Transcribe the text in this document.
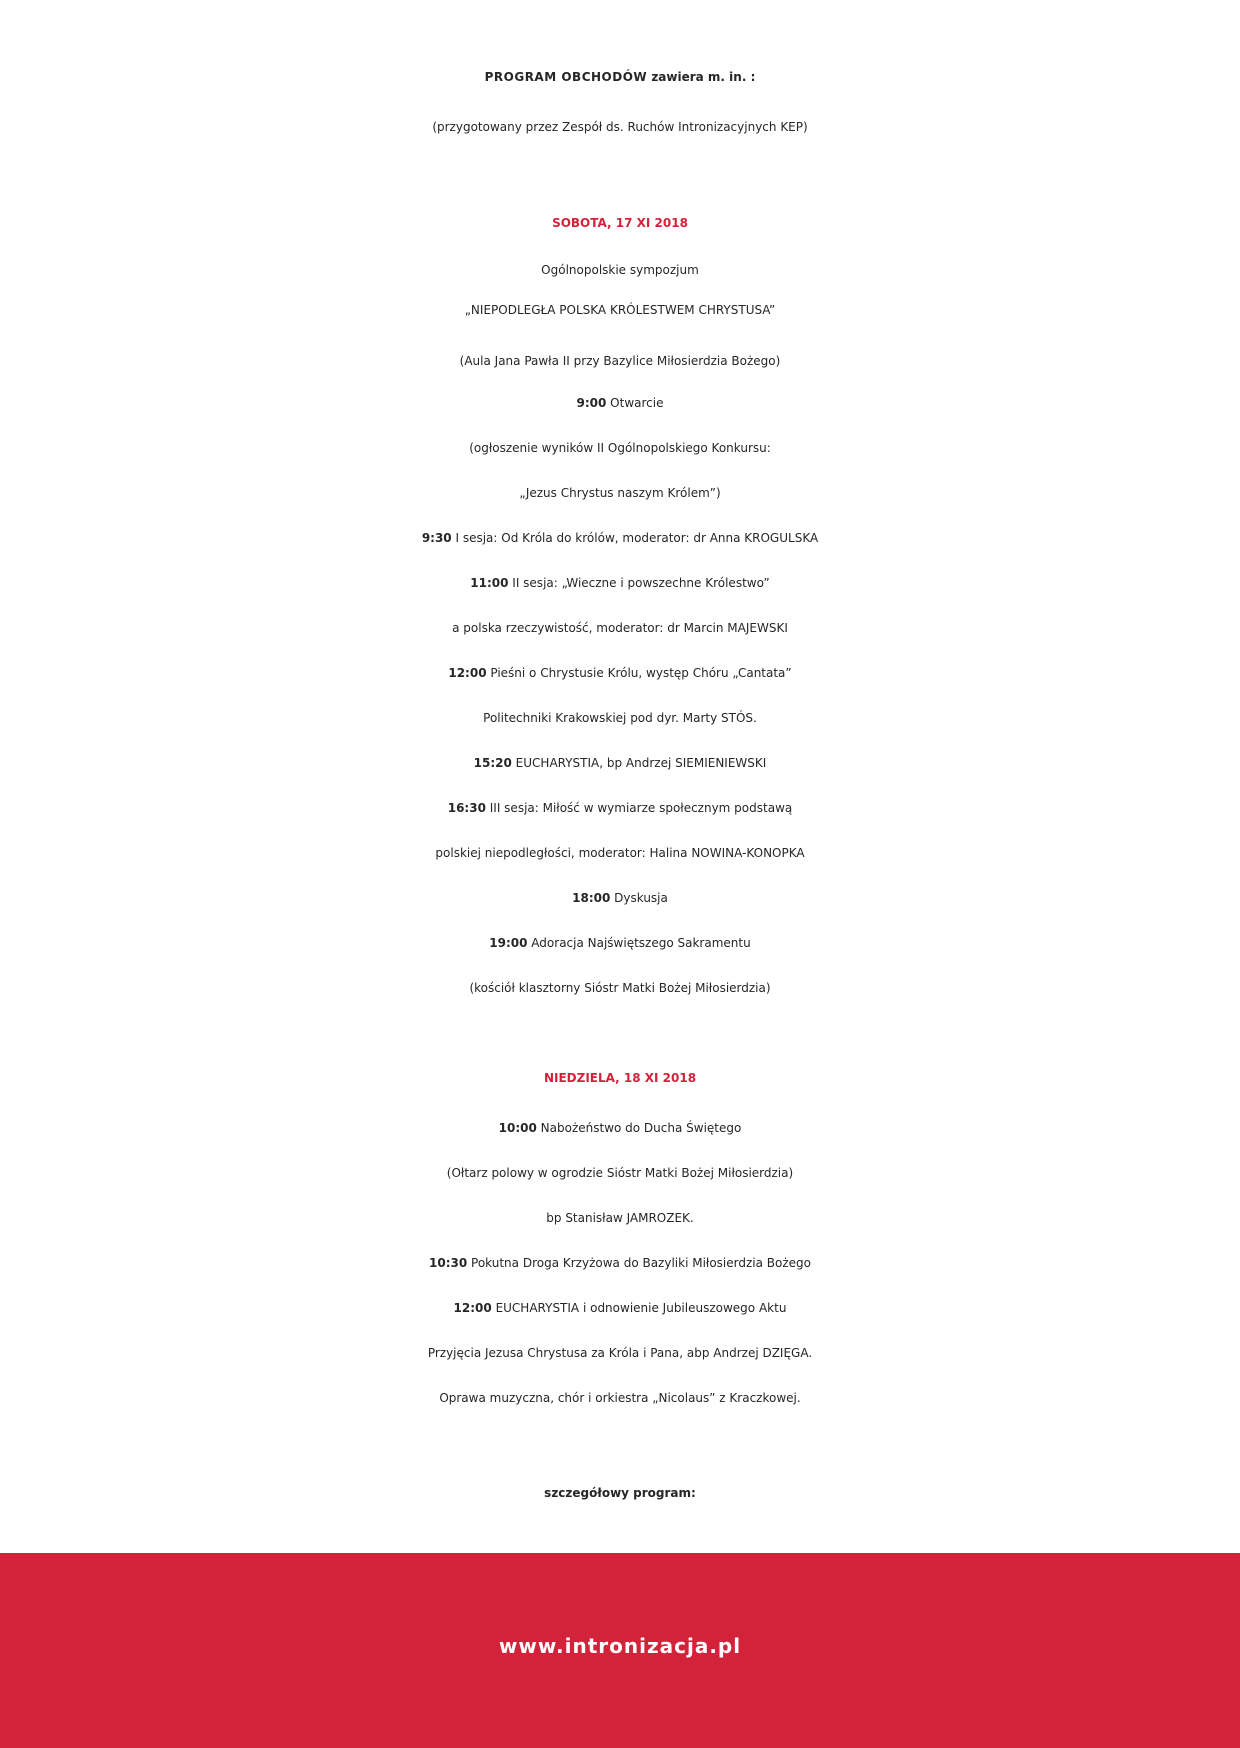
PROGRAM OBCHODÓW zawiera m. in. :
(przygotowany przez Zespół ds. Ruchów Intronizacyjnych KEP)
SOBOTA, 17 XI 2018
Ogólnopolskie sympozjum
„NIEPODLEGŁA POLSKA KRÓLESTWEM CHRYSTUSA”
(Aula Jana Pawła II przy Bazylice Miłosierdzia Bożego)
9:00 Otwarcie
(ogłoszenie wyników II Ogólnopolskiego Konkursu:
„Jezus Chrystus naszym Królem”)
9:30 I sesja: Od Króla do królów, moderator: dr Anna KROGULSKA
11:00 II sesja: „Wieczne i powszechne Królestwo”
a polska rzeczywistość, moderator: dr Marcin MAJEWSKI
12:00 Pieśni o Chrystusie Królu, występ Chóru „Cantata”
Politechniki Krakowskiej pod dyr. Marty STÓS.
15:20 EUCHARYSTIA, bp Andrzej SIEMIENIEWSKI
16:30 III sesja: Miłość w wymiarze społecznym podstawą
polskiej niepodległości, moderator: Halina NOWINA-KONOPKA
18:00 Dyskusja
19:00 Adoracja Najświętszego Sakramentu
(kościół klasztorny Sióstr Matki Bożej Miłosierdzia)
NIEDZIELA, 18 XI 2018
10:00 Nabożeństwo do Ducha Świętego
(Ołtarz polowy w ogrodzie Sióstr Matki Bożej Miłosierdzia)
bp Stanisław JAMROZEK.
10:30 Pokutna Droga Krzyżowa do Bazyliki Miłosierdzia Bożego
12:00 EUCHARYSTIA i odnowienie Jubileuszowego Aktu
Przyjęcia Jezusa Chrystusa za Króla i Pana, abp Andrzej DZIĘGA.
Oprawa muzyczna, chór i orkiestra „Nicolaus” z Kraczkowej.
szczegółowy program:
www.intronizacja.pl
